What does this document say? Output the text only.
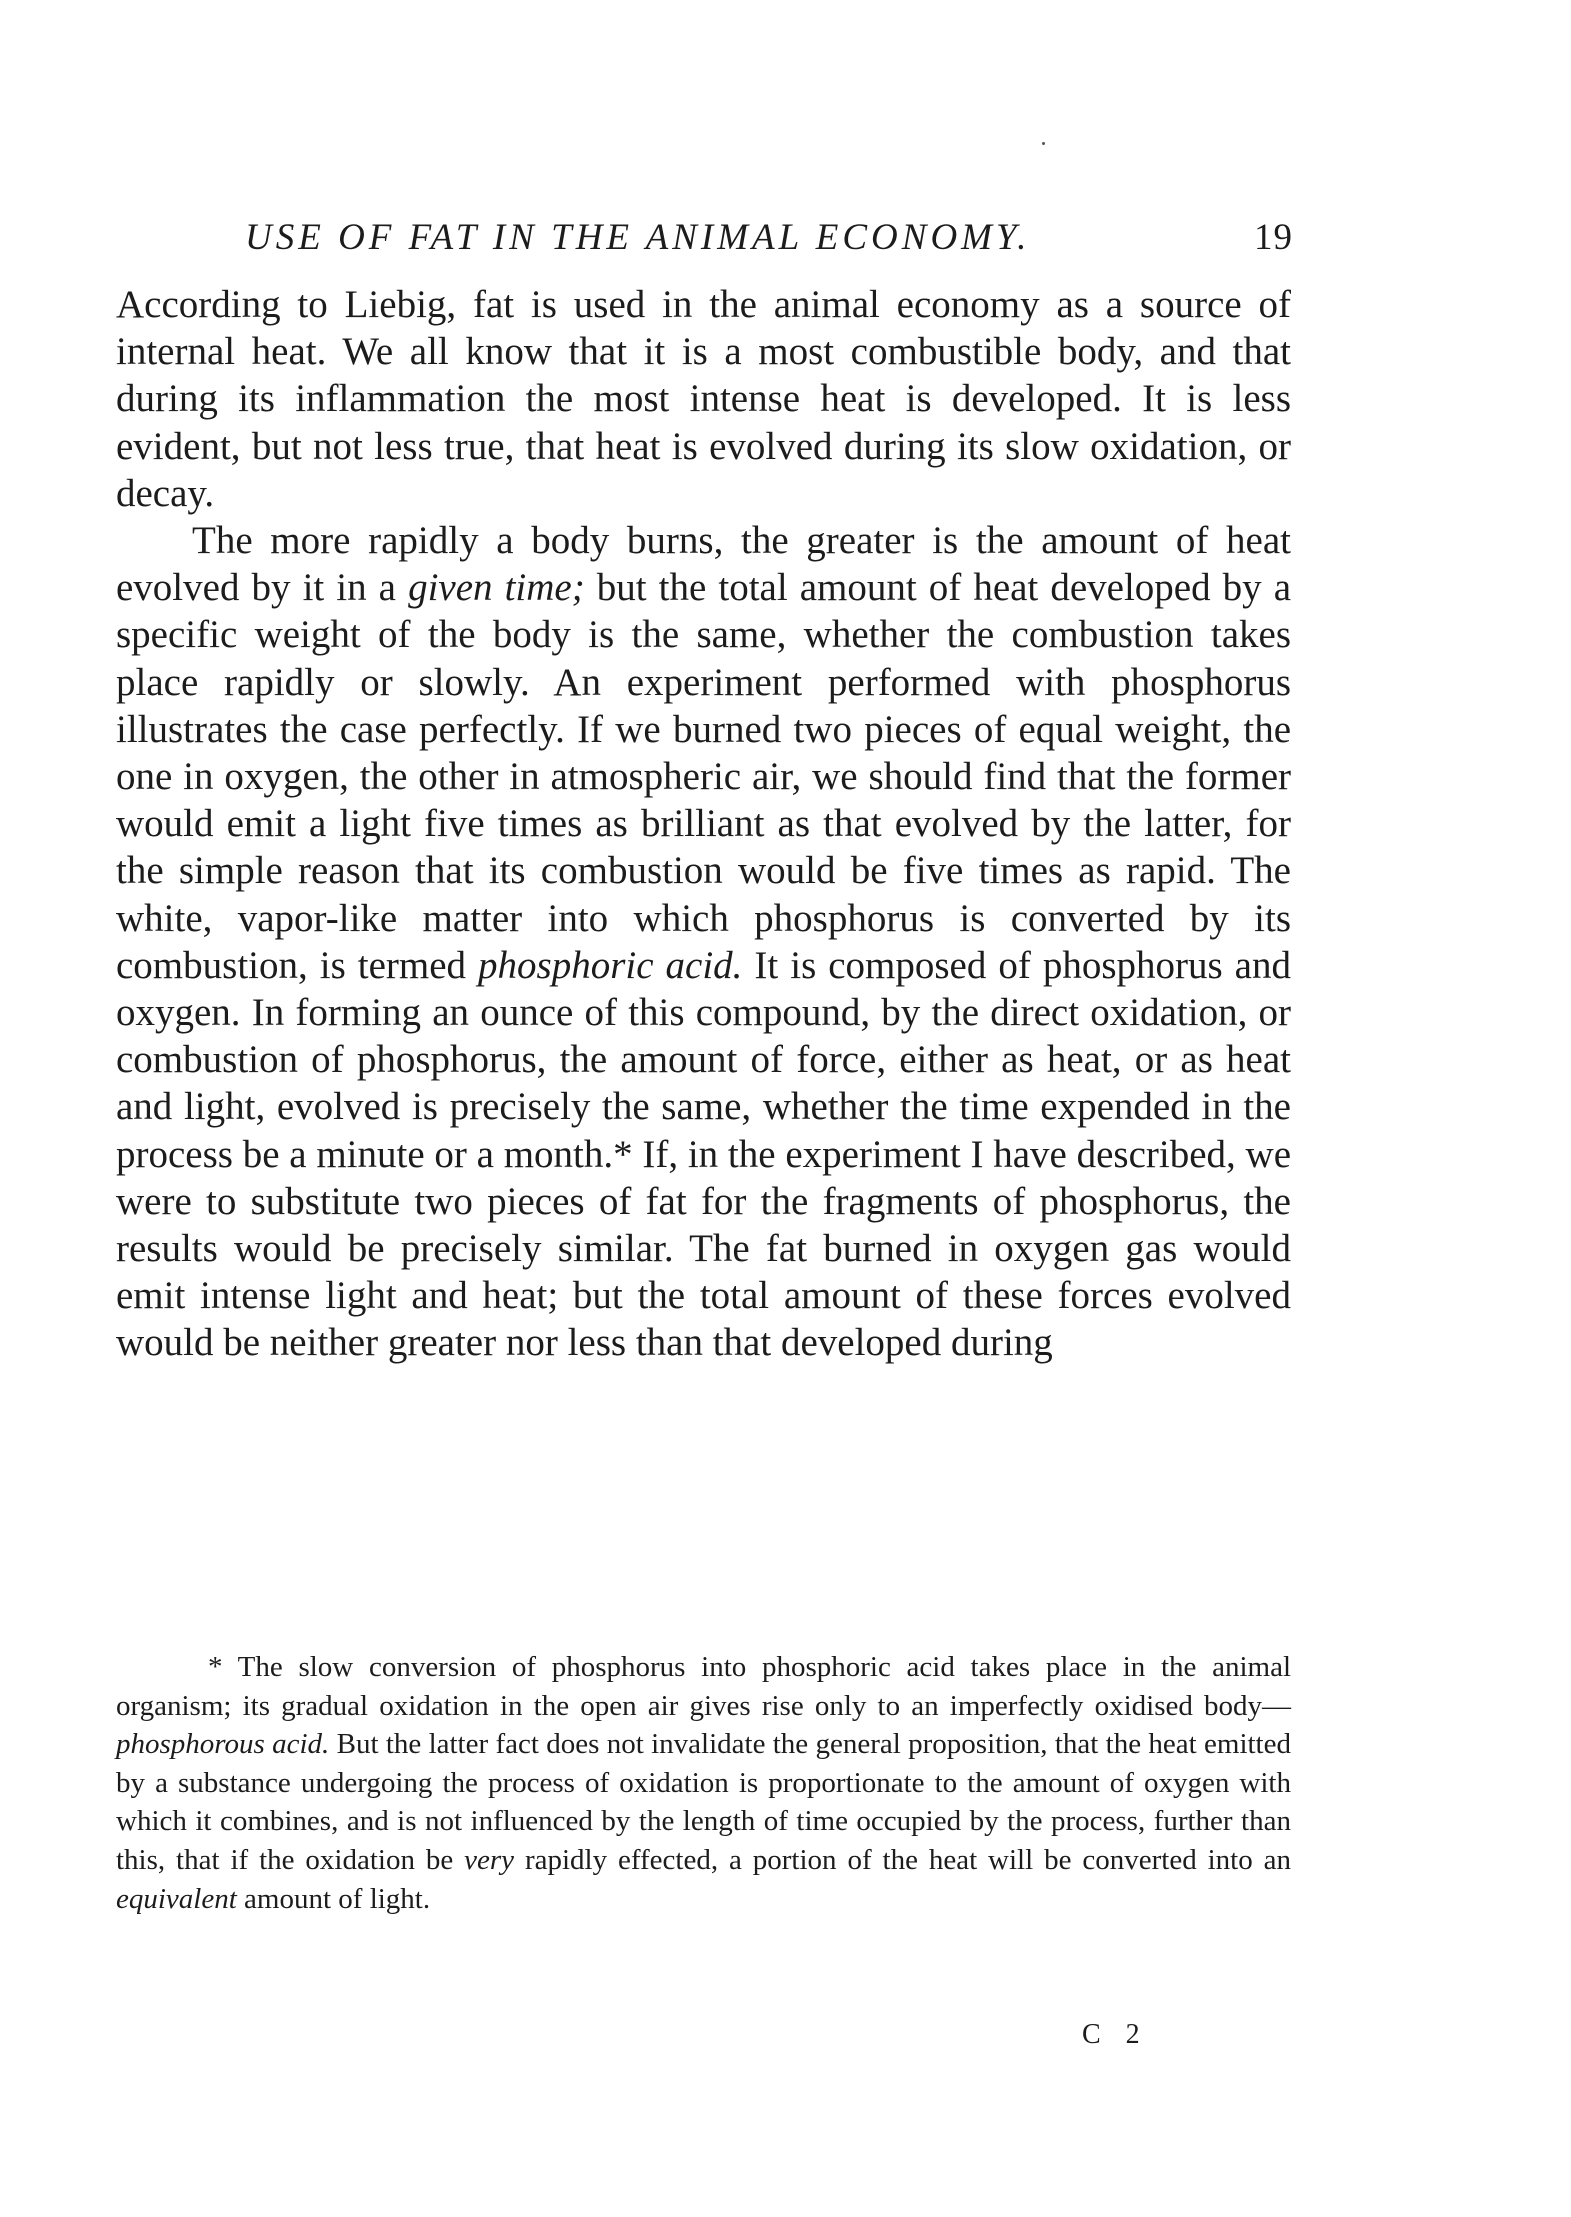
USE OF FAT IN THE ANIMAL ECONOMY.	19

According to Liebig, fat is used in the animal economy as a source of internal heat. We all know that it is a most combustible body, and that during its inflammation the most intense heat is developed. It is less evident, but not less true, that heat is evolved during its slow oxidation, or decay.

The more rapidly a body burns, the greater is the amount of heat evolved by it in a given time; but the total amount of heat developed by a specific weight of the body is the same, whether the combustion takes place rapidly or slowly. An experiment performed with phosphorus illustrates the case perfectly. If we burned two pieces of equal weight, the one in oxygen, the other in atmospheric air, we should find that the former would emit a light five times as brilliant as that evolved by the latter, for the simple reason that its combustion would be five times as rapid. The white, vapor-like matter into which phosphorus is converted by its combustion, is termed phosphoric acid. It is composed of phosphorus and oxygen. In forming an ounce of this compound, by the direct oxidation, or combustion of phosphorus, the amount of force, either as heat, or as heat and light, evolved is precisely the same, whether the time expended in the process be a minute or a month.* If, in the experiment I have described, we were to substitute two pieces of fat for the fragments of phosphorus, the results would be precisely similar. The fat burned in oxygen gas would emit intense light and heat; but the total amount of these forces evolved would be neither greater nor less than that developed during

* The slow conversion of phosphorus into phosphoric acid takes place in the animal organism; its gradual oxidation in the open air gives rise only to an imperfectly oxidised body—phosphorous acid. But the latter fact does not invalidate the general proposition, that the heat emitted by a substance undergoing the process of oxidation is proportionate to the amount of oxygen with which it combines, and is not influenced by the length of time occupied by the process, further than this, that if the oxidation be very rapidly effected, a portion of the heat will be converted into an equivalent amount of light.

C 2
